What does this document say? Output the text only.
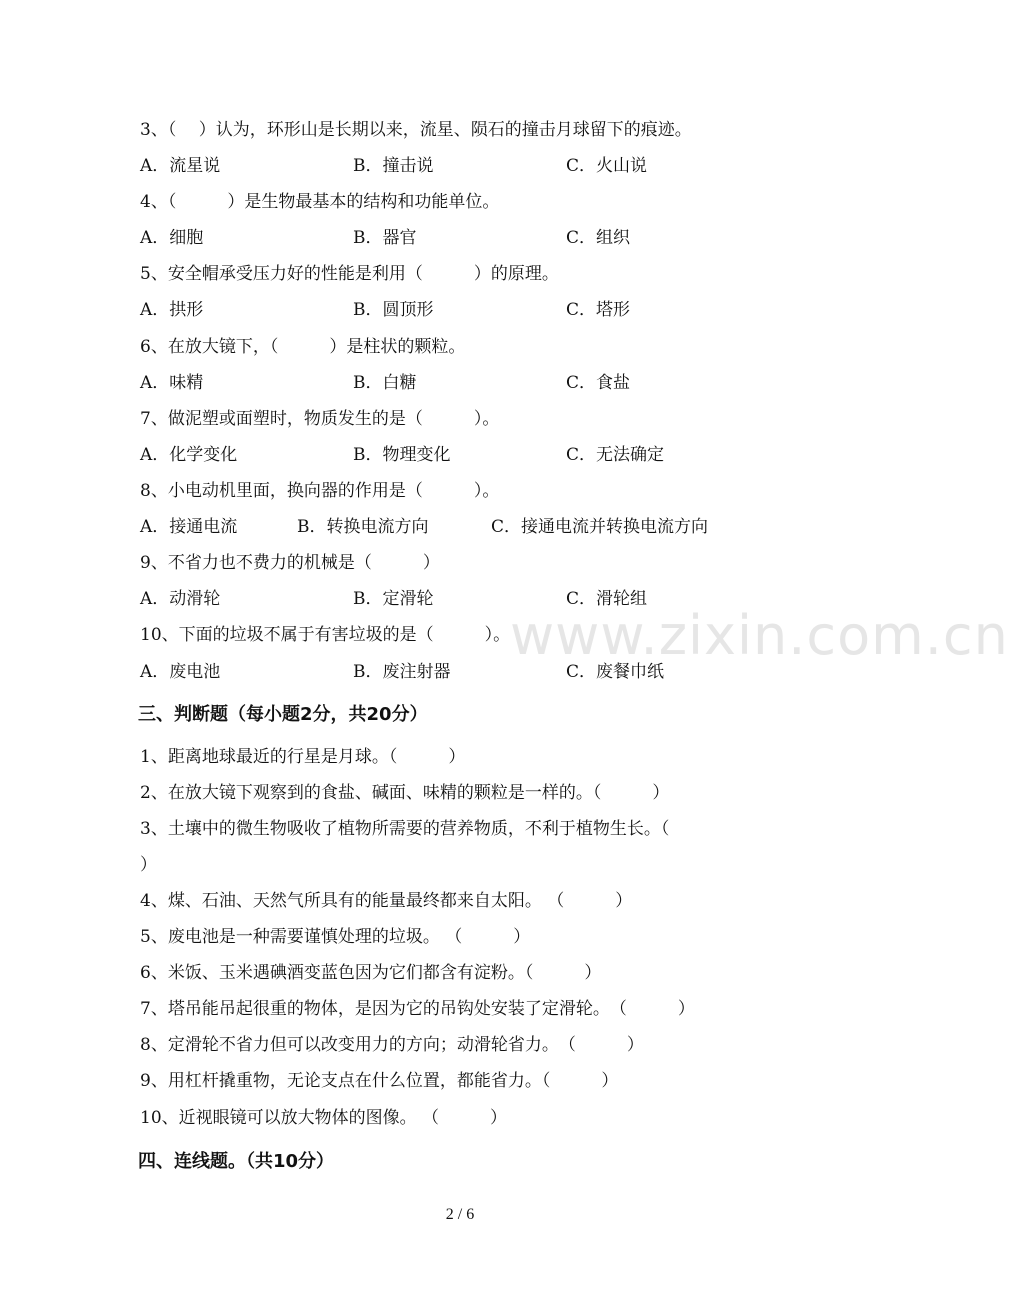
www.zixin.com.cn
3、（　 ）认为，环形山是长期以来，流星、陨石的撞击月球留下的痕迹。
A．流星说	B．撞击说	C．火山说
4、（　　　）是生物最基本的结构和功能单位。
A．细胞	B．器官	C．组织
5、安全帽承受压力好的性能是利用（　　　）的原理。
A．拱形	B．圆顶形	C．塔形
6、在放大镜下，（　　　）是柱状的颗粒。
A．味精	B．白糖	C．食盐
7、做泥塑或面塑时，物质发生的是（　　　）。
A．化学变化	B．物理变化	C．无法确定
8、小电动机里面，换向器的作用是（　　　）。
A．接通电流	B．转换电流方向	C．接通电流并转换电流方向
9、不省力也不费力的机械是（　　　）
A．动滑轮	B．定滑轮	C．滑轮组
10、下面的垃圾不属于有害垃圾的是（　　　）。
A．废电池	B．废注射器	C．废餐巾纸
三、判断题（每小题2分，共20分）
1、距离地球最近的行星是月球。（　　　）
2、在放大镜下观察到的食盐、碱面、味精的颗粒是一样的。（　　　）
3、土壤中的微生物吸收了植物所需要的营养物质，不利于植物生长。（
）
4、煤、石油、天然气所具有的能量最终都来自太阳。 （　　　）
5、废电池是一种需要谨慎处理的垃圾。 （　　　）
6、米饭、玉米遇碘酒变蓝色因为它们都含有淀粉。（　　　）
7、塔吊能吊起很重的物体，是因为它的吊钩处安装了定滑轮。　（　　　）
8、定滑轮不省力但可以改变用力的方向；动滑轮省力。　（　　　）
9、用杠杆撬重物，无论支点在什么位置，都能省力。（　　　）
10、近视眼镜可以放大物体的图像。 （　　　）
四、连线题。（共10分）
2 / 6
